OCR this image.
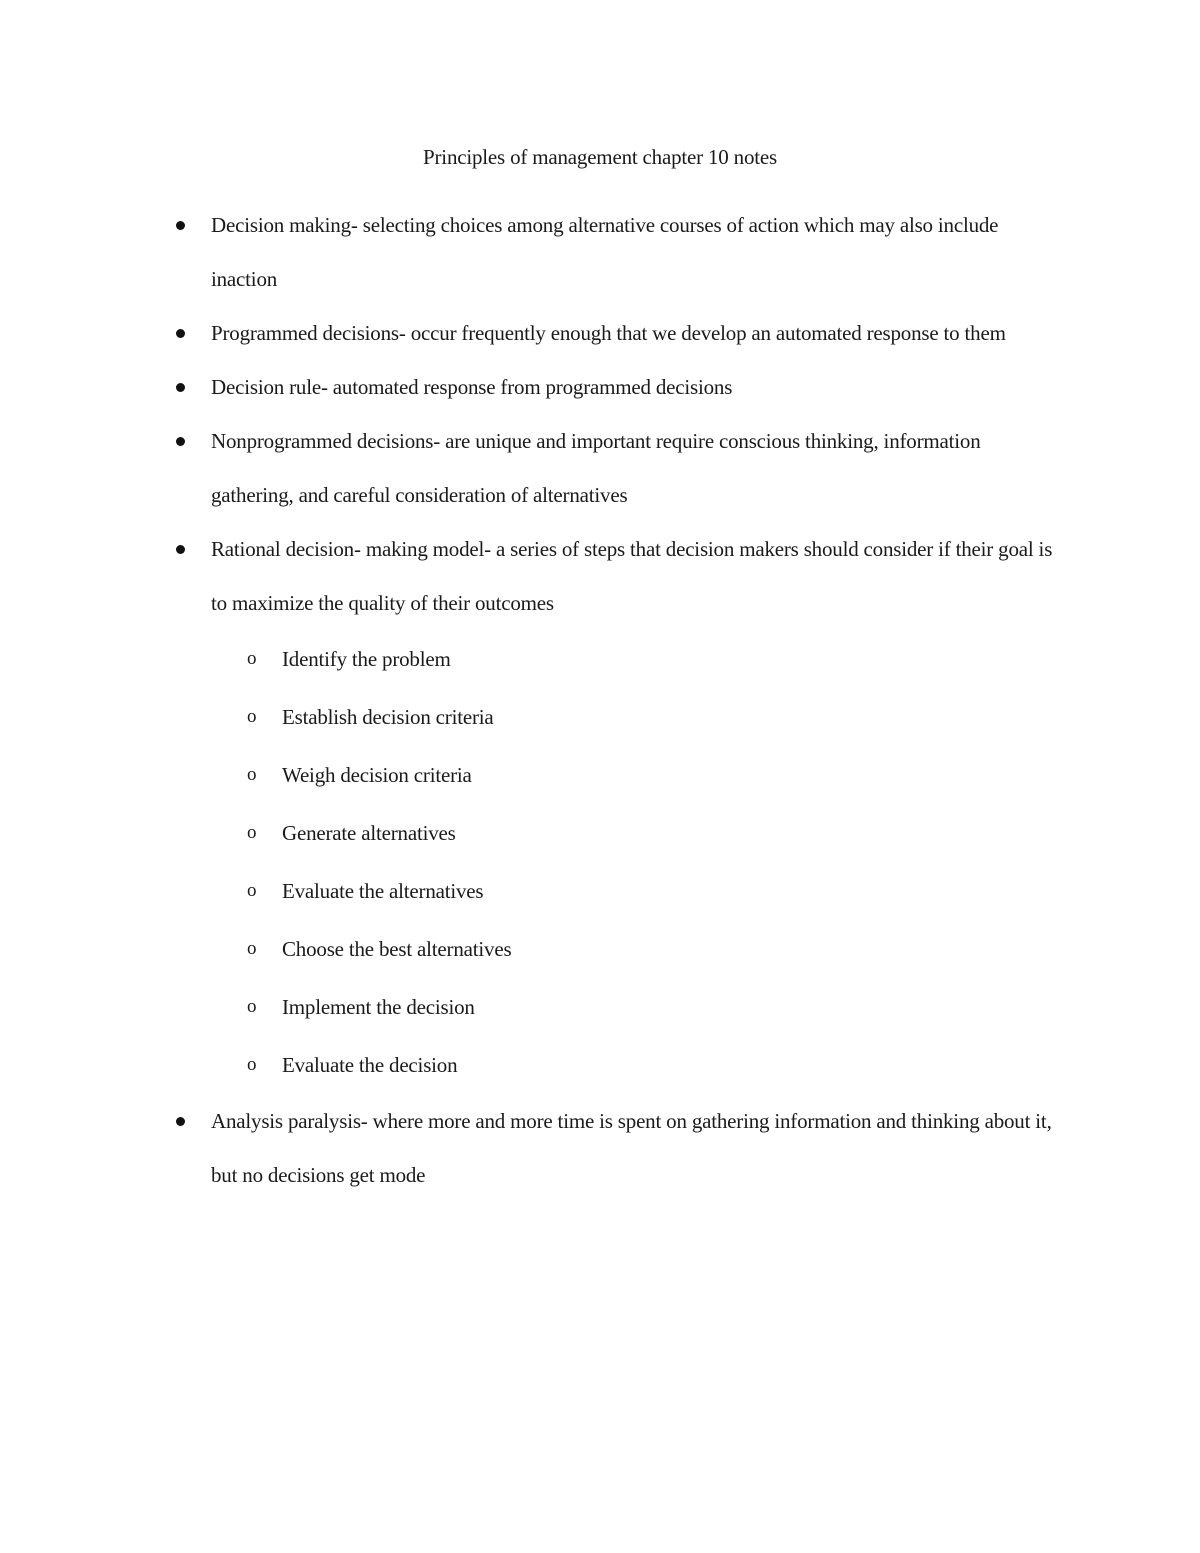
Principles of management chapter 10 notes
Decision making- selecting choices among alternative courses of action which may also include inaction
Programmed decisions- occur frequently enough that we develop an automated response to them
Decision rule- automated response from programmed decisions
Nonprogrammed decisions- are unique and important require conscious thinking, information gathering, and careful consideration of alternatives
Rational decision- making model- a series of steps that decision makers should consider if their goal is to maximize the quality of their outcomes
o Identify the problem
o Establish decision criteria
o Weigh decision criteria
o Generate alternatives
o Evaluate the alternatives
o Choose the best alternatives
o Implement the decision
o Evaluate the decision
Analysis paralysis- where more and more time is spent on gathering information and thinking about it, but no decisions get mode
